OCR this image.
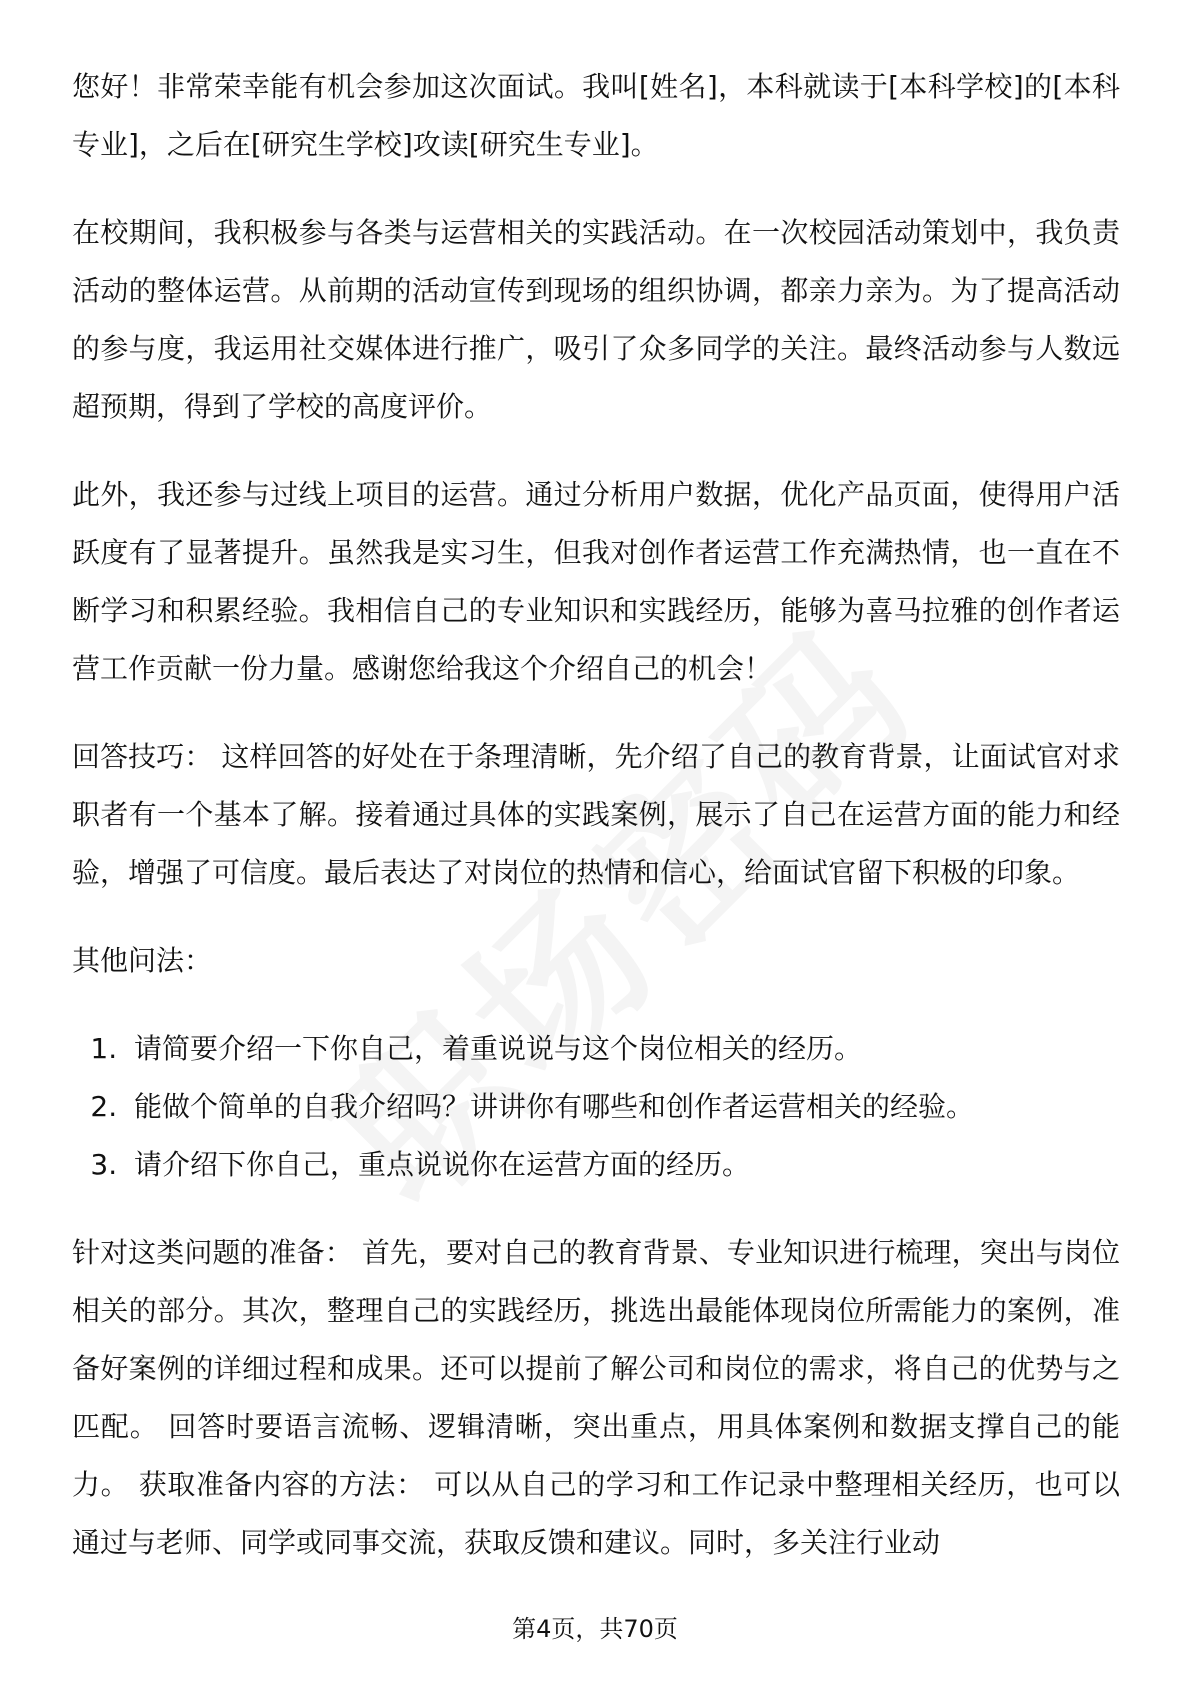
您好！非常荣幸能有机会参加这次面试。我叫[姓名]，本科就读于[本科学校]的[本科专业]，之后在[研究生学校]攻读[研究生专业]。

在校期间，我积极参与各类与运营相关的实践活动。在一次校园活动策划中，我负责活动的整体运营。从前期的活动宣传到现场的组织协调，都亲力亲为。为了提高活动的参与度，我运用社交媒体进行推广，吸引了众多同学的关注。最终活动参与人数远超预期，得到了学校的高度评价。

此外，我还参与过线上项目的运营。通过分析用户数据，优化产品页面，使得用户活跃度有了显著提升。虽然我是实习生，但我对创作者运营工作充满热情，也一直在不断学习和积累经验。我相信自己的专业知识和实践经历，能够为喜马拉雅的创作者运营工作贡献一份力量。感谢您给我这个介绍自己的机会！

回答技巧： 这样回答的好处在于条理清晰，先介绍了自己的教育背景，让面试官对求职者有一个基本了解。接着通过具体的实践案例，展示了自己在运营方面的能力和经验，增强了可信度。最后表达了对岗位的热情和信心，给面试官留下积极的印象。

其他问法：

1. 请简要介绍一下你自己，着重说说与这个岗位相关的经历。
2. 能做个简单的自我介绍吗？讲讲你有哪些和创作者运营相关的经验。
3. 请介绍下你自己，重点说说你在运营方面的经历。

针对这类问题的准备： 首先，要对自己的教育背景、专业知识进行梳理，突出与岗位相关的部分。其次，整理自己的实践经历，挑选出最能体现岗位所需能力的案例，准备好案例的详细过程和成果。还可以提前了解公司和岗位的需求，将自己的优势与之匹配。 回答时要语言流畅、逻辑清晰，突出重点，用具体案例和数据支撑自己的能力。 获取准备内容的方法： 可以从自己的学习和工作记录中整理相关经历，也可以通过与老师、同学或同事交流，获取反馈和建议。同时，多关注行业动

第4页，共70页
